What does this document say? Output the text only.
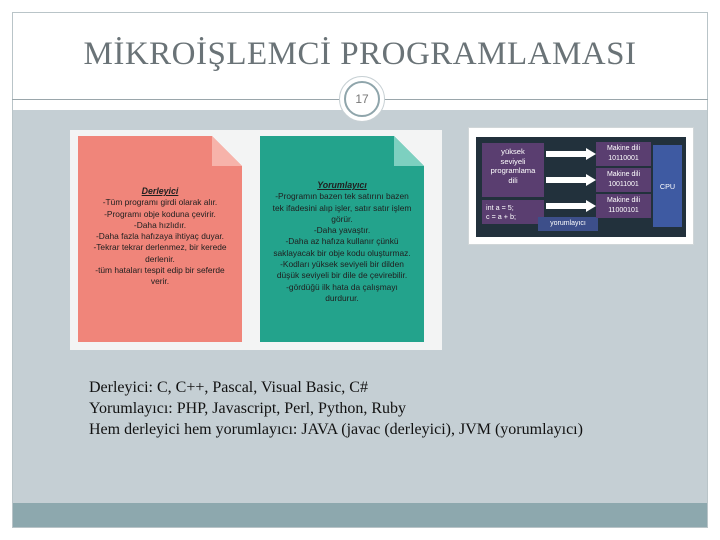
MİKROİŞLEMCİ PROGRAMLAMASI
17
Derleyici
-Tüm programı girdi olarak alır.
-Programı obje koduna çevirir.
-Daha hızlıdır.
-Daha fazla hafızaya ihtiyaç duyar.
-Tekrar tekrar derlenmez, bir kerede
derlenir.
-tüm hataları tespit edip bir seferde
verir.
Yorumlayıcı
-Programın bazen tek satırını bazen
tek ifadesini alıp işler, satır satır işlem
görür.
-Daha yavaştır.
-Daha az hafıza kullanır çünkü
saklayacak bir obje kodu oluşturmaz.
-Kodları yüksek seviyeli bir dilden
düşük seviyeli bir dile de çevirebilir.
-gördüğü ilk hata da çalışmayı
durdurur.
yüksek
seviyeli
programlama
dili
int a = 5;
c = a + b;
yorumlayıcı
Makine dili
10110001
Makine dili
10011001
Makine dili
11000101
CPU
Derleyici: C, C++, Pascal, Visual Basic, C#
Yorumlayıcı: PHP, Javascript, Perl, Python, Ruby
Hem derleyici hem yorumlayıcı: JAVA (javac (derleyici), JVM (yorumlayıcı)
